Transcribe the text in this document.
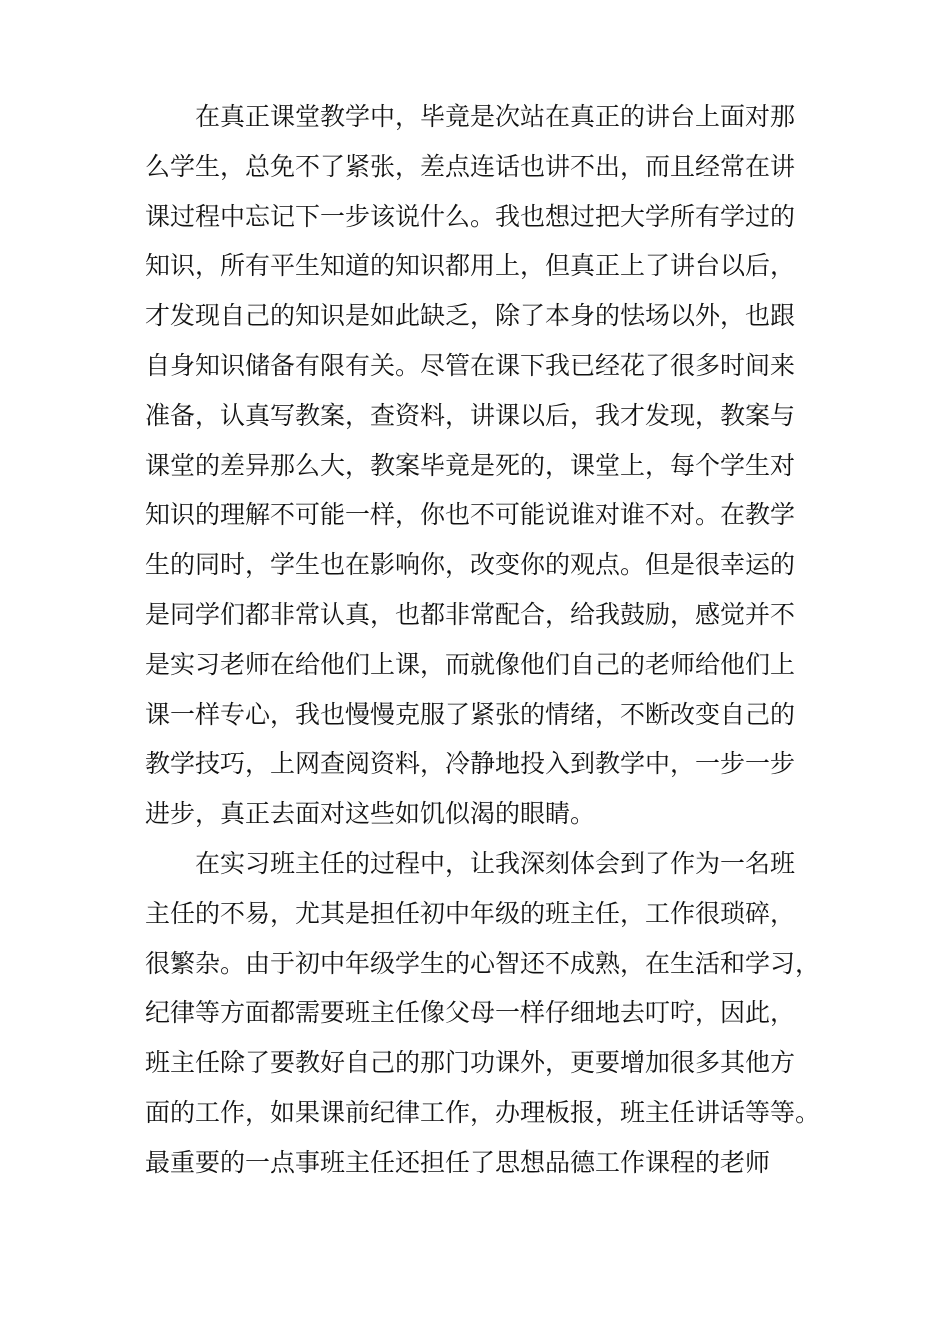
在真正课堂教学中，毕竟是次站在真正的讲台上面对那
么学生，总免不了紧张，差点连话也讲不出，而且经常在讲
课过程中忘记下一步该说什么。我也想过把大学所有学过的
知识，所有平生知道的知识都用上，但真正上了讲台以后，
才发现自己的知识是如此缺乏，除了本身的怯场以外，也跟
自身知识储备有限有关。尽管在课下我已经花了很多时间来
准备，认真写教案，查资料，讲课以后，我才发现，教案与
课堂的差异那么大，教案毕竟是死的，课堂上，每个学生对
知识的理解不可能一样，你也不可能说谁对谁不对。在教学
生的同时，学生也在影响你，改变你的观点。但是很幸运的
是同学们都非常认真，也都非常配合，给我鼓励，感觉并不
是实习老师在给他们上课，而就像他们自己的老师给他们上
课一样专心，我也慢慢克服了紧张的情绪，不断改变自己的
教学技巧，上网查阅资料，冷静地投入到教学中，一步一步
进步，真正去面对这些如饥似渴的眼睛。
在实习班主任的过程中，让我深刻体会到了作为一名班
主任的不易，尤其是担任初中年级的班主任，工作很琐碎，
很繁杂。由于初中年级学生的心智还不成熟，在生活和学习，
纪律等方面都需要班主任像父母一样仔细地去叮咛，因此，
班主任除了要教好自己的那门功课外，更要增加很多其他方
面的工作，如果课前纪律工作，办理板报，班主任讲话等等。
最重要的一点事班主任还担任了思想品德工作课程的老师
